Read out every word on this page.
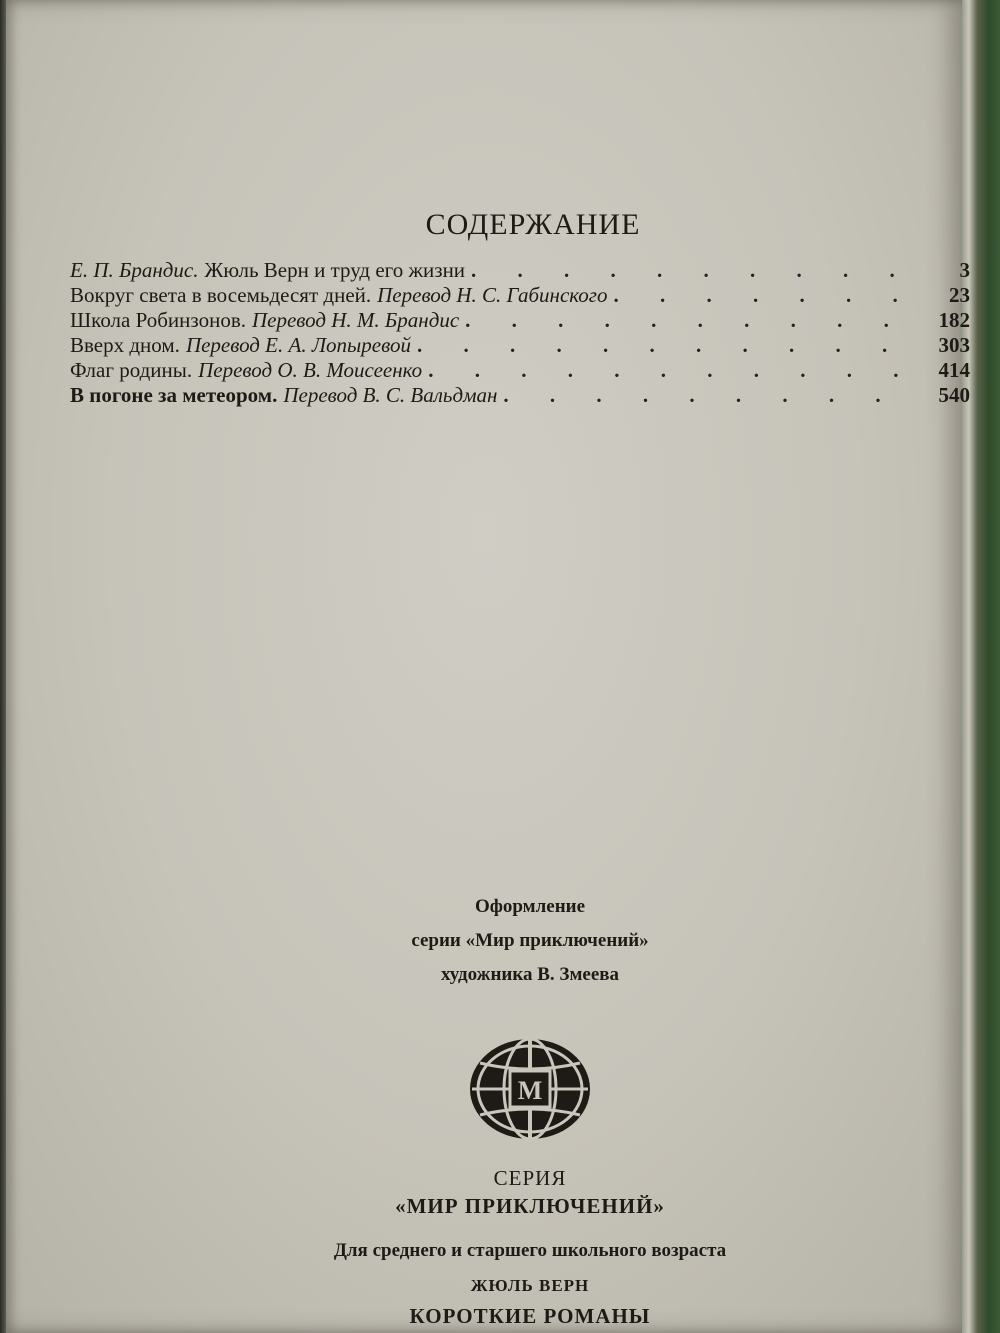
СОДЕРЖАНИЕ
Е. П. Брандис. Жюль Верн и труд его жизни . . .	3
Вокруг света в восемьдесят дней. Перевод Н. С. Габинского . . .	23
Школа Робинзонов. Перевод Н. М. Брандис . . .	182
Вверх дном. Перевод Е. А. Лопыревой . . .	303
Флаг родины. Перевод О. В. Моисеенко . . .	414
В погоне за метеором. Перевод В. С. Вальдман . . .	540
Оформление
серии «Мир приключений»
художника В. Змеева
М
СЕРИЯ
«МИР ПРИКЛЮЧЕНИЙ»
Для среднего и старшего школьного возраста
ЖЮЛЬ ВЕРН
КОРОТКИЕ РОМАНЫ
